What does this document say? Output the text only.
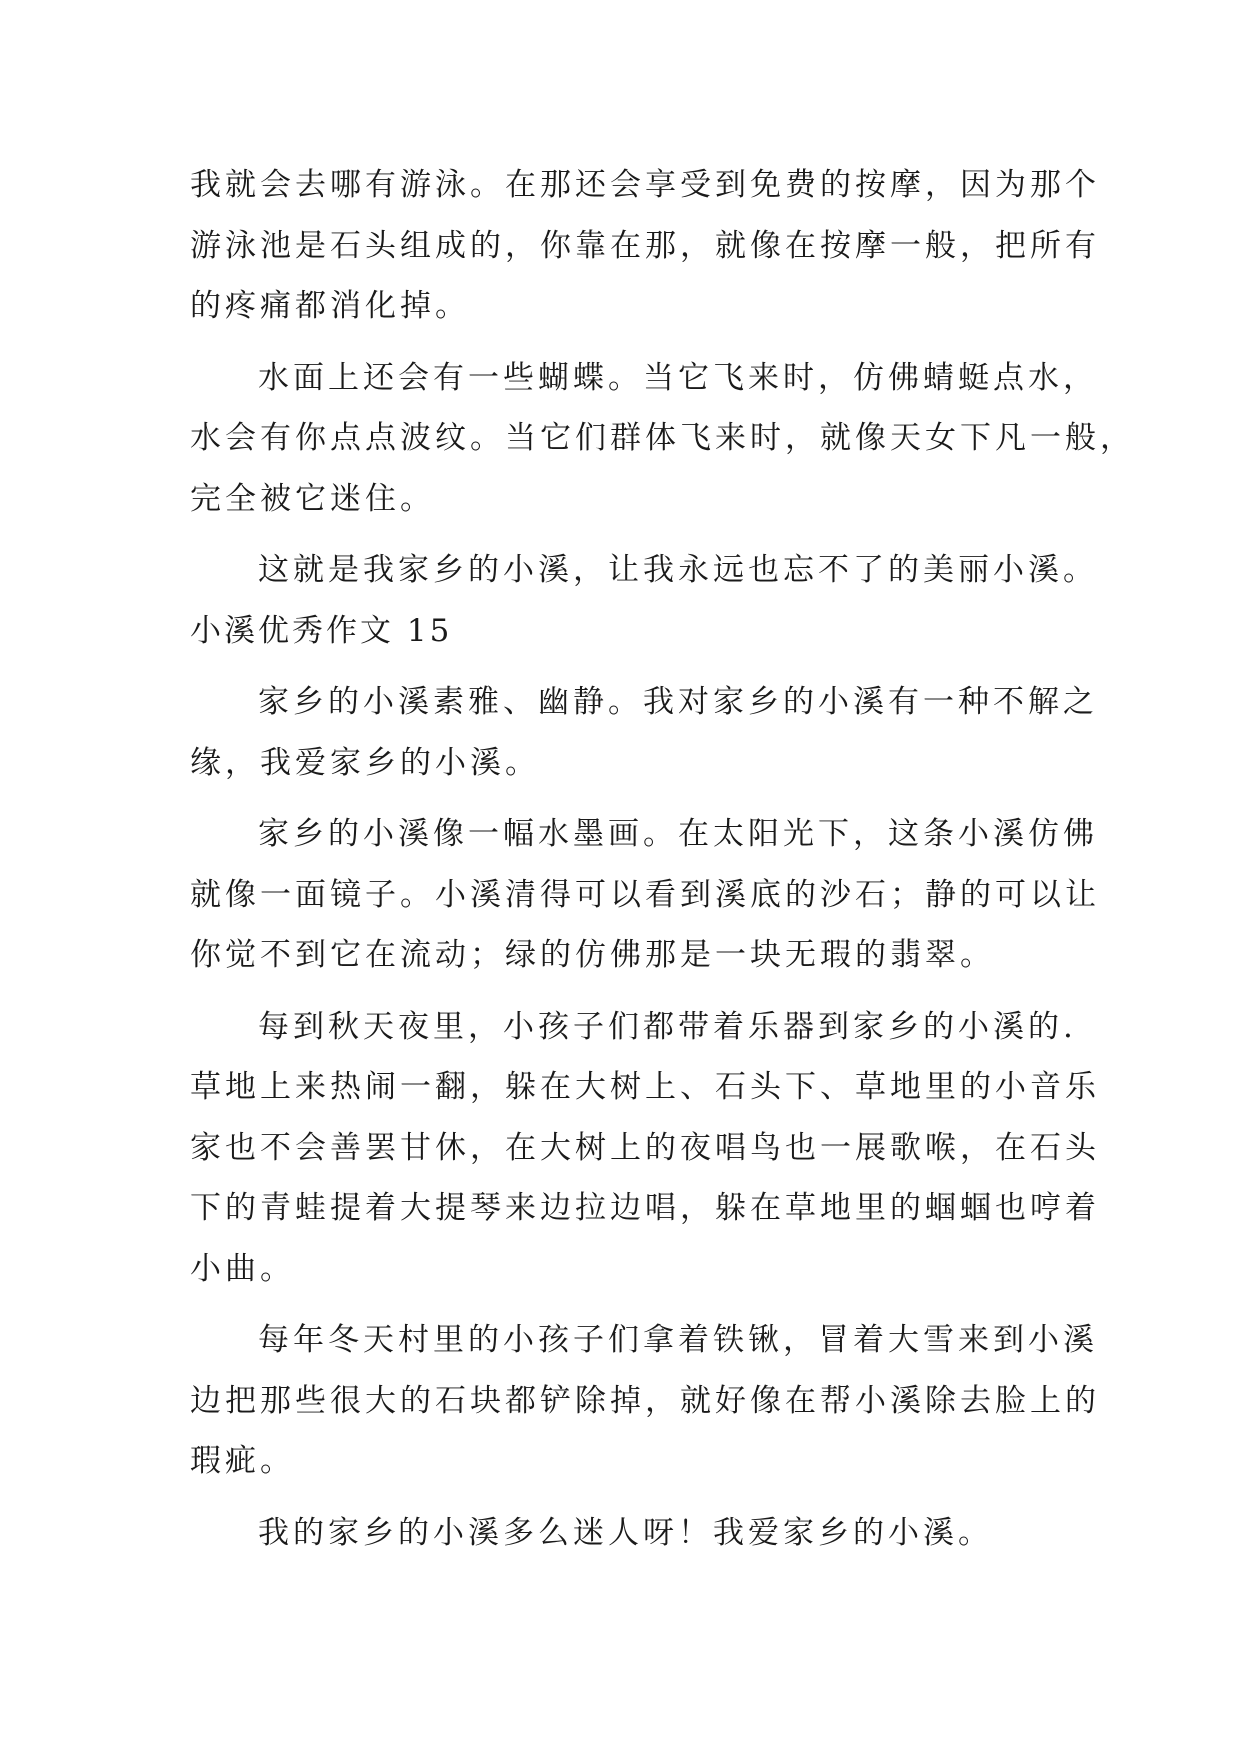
我就会去哪有游泳。在那还会享受到免费的按摩，因为那个

游泳池是石头组成的，你靠在那，就像在按摩一般，把所有

的疼痛都消化掉。

水面上还会有一些蝴蝶。当它飞来时，仿佛蜻蜓点水，

水会有你点点波纹。当它们群体飞来时，就像天女下凡一般，

完全被它迷住。

这就是我家乡的小溪，让我永远也忘不了的美丽小溪。

小溪优秀作文 15

家乡的小溪素雅、幽静。我对家乡的小溪有一种不解之

缘，我爱家乡的小溪。

家乡的小溪像一幅水墨画。在太阳光下，这条小溪仿佛

就像一面镜子。小溪清得可以看到溪底的沙石；静的可以让

你觉不到它在流动；绿的仿佛那是一块无瑕的翡翠。

每到秋天夜里，小孩子们都带着乐器到家乡的小溪的.

草地上来热闹一翻，躲在大树上、石头下、草地里的小音乐

家也不会善罢甘休，在大树上的夜唱鸟也一展歌喉，在石头

下的青蛙提着大提琴来边拉边唱，躲在草地里的蝈蝈也哼着

小曲。

每年冬天村里的小孩子们拿着铁锹，冒着大雪来到小溪

边把那些很大的石块都铲除掉，就好像在帮小溪除去脸上的

瑕疵。

我的家乡的小溪多么迷人呀！我爱家乡的小溪。
